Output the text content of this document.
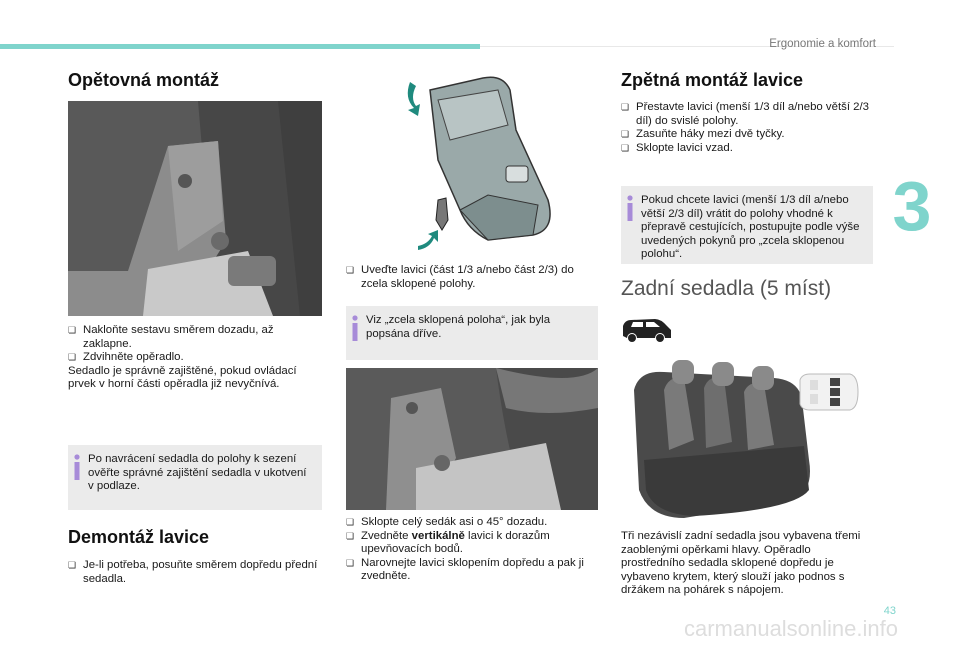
Ergonomie a komfort
3
Opětovná montáž
❏ Nakloňte sestavu směrem dozadu, až zaklapne.
❏ Zdvihněte opěradlo.
Sedadlo je správně zajištěné, pokud ovládací prvek v horní části opěradla již nevyčnívá.
Po navrácení sedadla do polohy k sezení ověřte správné zajištění sedadla v ukotvení v podlaze.
Demontáž lavice
❏ Je-li potřeba, posuňte směrem dopředu přední sedadla.
❏ Uveďte lavici (část 1/3 a/nebo část 2/3) do zcela sklopené polohy.
Viz „zcela sklopená poloha“, jak byla popsána dříve.
❏ Sklopte celý sedák asi o 45° dozadu.
❏ Zvedněte vertikálně lavici k dorazům upevňovacích bodů.
❏ Narovnejte lavici sklopením dopředu a pak ji zvedněte.
Zpětná montáž lavice
❏ Přestavte lavici (menší 1/3 díl a/nebo větší 2/3 díl) do svislé polohy.
❏ Zasuňte háky mezi dvě tyčky.
❏ Sklopte lavici vzad.
Pokud chcete lavici (menší 1/3 díl a/nebo větší 2/3 díl) vrátit do polohy vhodné k přepravě cestujících, postupujte podle výše uvedených pokynů pro „zcela sklopenou polohu“.
Zadní sedadla (5 míst)
Tři nezávislí zadní sedadla jsou vybavena třemi zaoblenými opěrkami hlavy. Opěradlo prostředního sedadla sklopené dopředu je vybaveno krytem, který slouží jako podnos s držákem na pohárek s nápojem.
43
carmanualsonline.info
